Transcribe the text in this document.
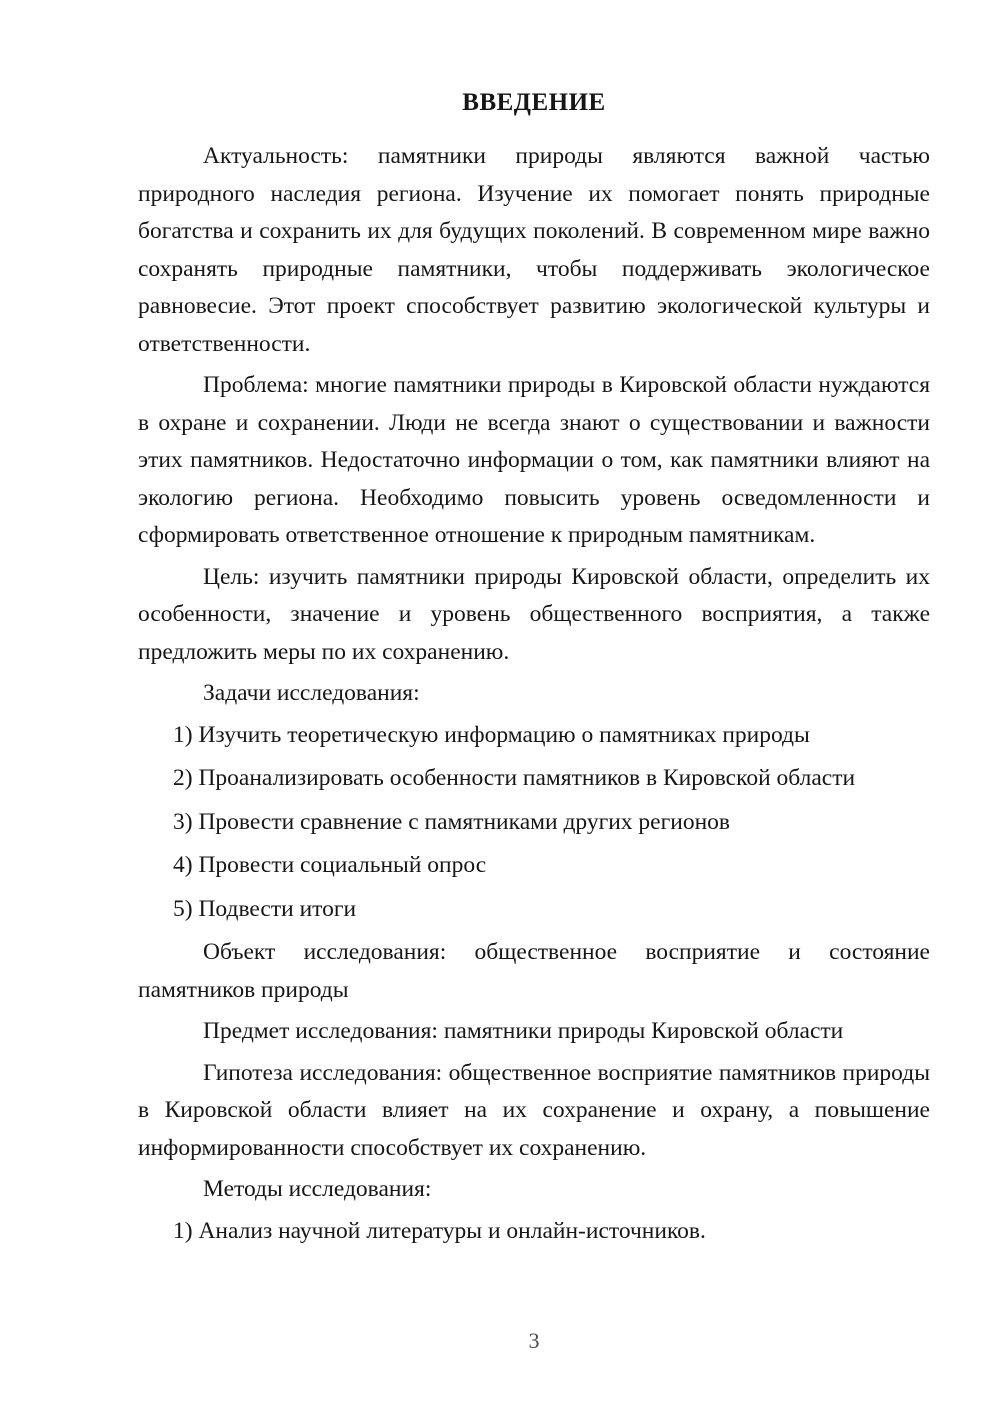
ВВЕДЕНИЕ

Актуальность: памятники природы являются важной частью природного наследия региона. Изучение их помогает понять природные богатства и сохранить их для будущих поколений. В современном мире важно сохранять природные памятники, чтобы поддерживать экологическое равновесие. Этот проект способствует развитию экологической культуры и ответственности.

Проблема: многие памятники природы в Кировской области нуждаются в охране и сохранении. Люди не всегда знают о существовании и важности этих памятников. Недостаточно информации о том, как памятники влияют на экологию региона. Необходимо повысить уровень осведомленности и сформировать ответственное отношение к природным памятникам.

Цель: изучить памятники природы Кировской области, определить их особенности, значение и уровень общественного восприятия, а также предложить меры по их сохранению.

Задачи исследования:

1) Изучить теоретическую информацию о памятниках природы

2) Проанализировать особенности памятников в Кировской области

3) Провести сравнение с памятниками других регионов

4) Провести социальный опрос

5) Подвести итоги

Объект исследования: общественное восприятие и состояние памятников природы

Предмет исследования: памятники природы Кировской области

Гипотеза исследования: общественное восприятие памятников природы в Кировской области влияет на их сохранение и охрану, а повышение информированности способствует их сохранению.

Методы исследования:

1) Анализ научной литературы и онлайн-источников.

3
